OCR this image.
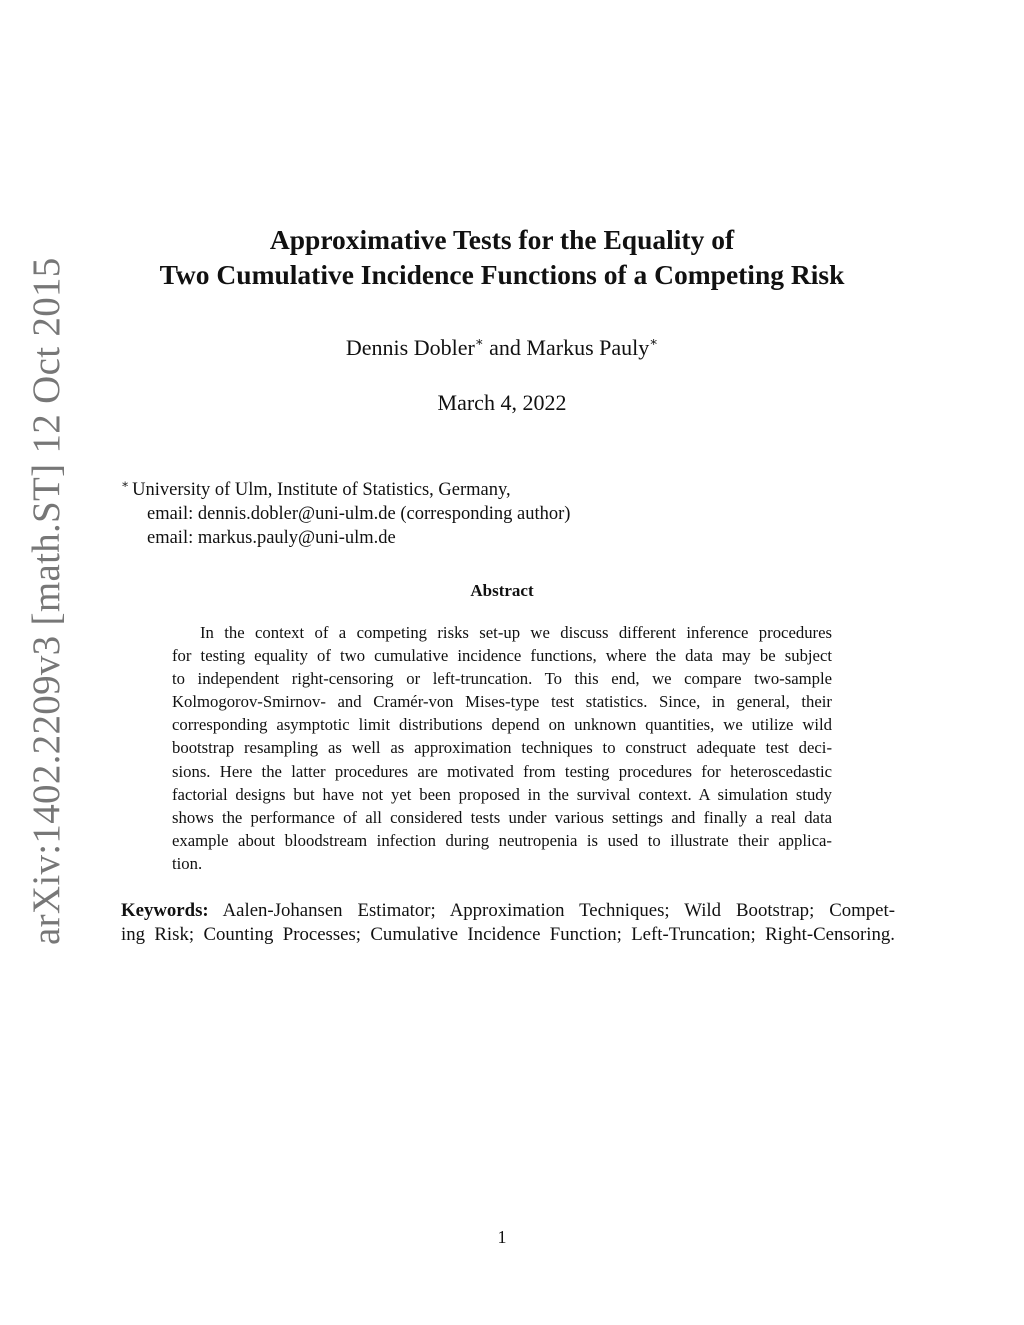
arXiv:1402.2209v3 [math.ST] 12 Oct 2015
Approximative Tests for the Equality of
Two Cumulative Incidence Functions of a Competing Risk
Dennis Dobler∗ and Markus Pauly∗
March 4, 2022
∗ University of Ulm, Institute of Statistics, Germany,
email: dennis.dobler@uni-ulm.de (corresponding author)
email: markus.pauly@uni-ulm.de
Abstract
In the context of a competing risks set-up we discuss different inference procedures
for testing equality of two cumulative incidence functions, where the data may be subject
to independent right-censoring or left-truncation. To this end, we compare two-sample
Kolmogorov-Smirnov- and Cramér-von Mises-type test statistics. Since, in general, their
corresponding asymptotic limit distributions depend on unknown quantities, we utilize wild
bootstrap resampling as well as approximation techniques to construct adequate test deci-
sions. Here the latter procedures are motivated from testing procedures for heteroscedastic
factorial designs but have not yet been proposed in the survival context. A simulation study
shows the performance of all considered tests under various settings and finally a real data
example about bloodstream infection during neutropenia is used to illustrate their applica-
tion.
Keywords: Aalen-Johansen Estimator; Approximation Techniques; Wild Bootstrap; Compet-
ing Risk; Counting Processes; Cumulative Incidence Function; Left-Truncation; Right-Censoring.
1
